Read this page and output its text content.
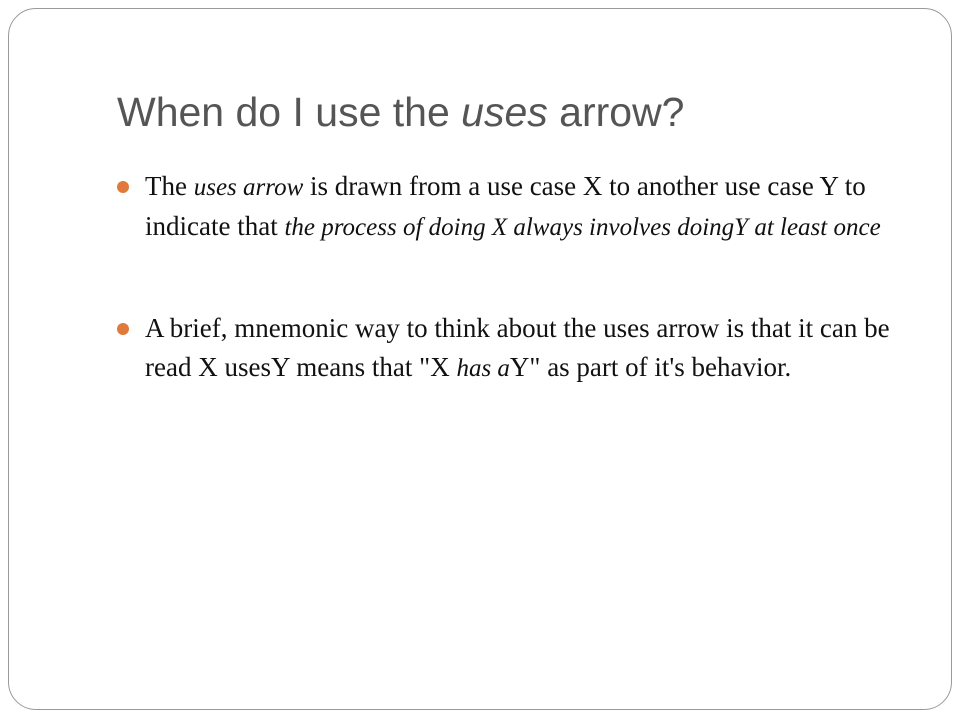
When do I use the uses arrow?
The uses arrow is drawn from a use case X to another use case Y to indicate that the process of doing X always involves doingY at least once
A brief, mnemonic way to think about the uses arrow is that it can be read X usesY means that "X has aY" as part of it's behavior.
